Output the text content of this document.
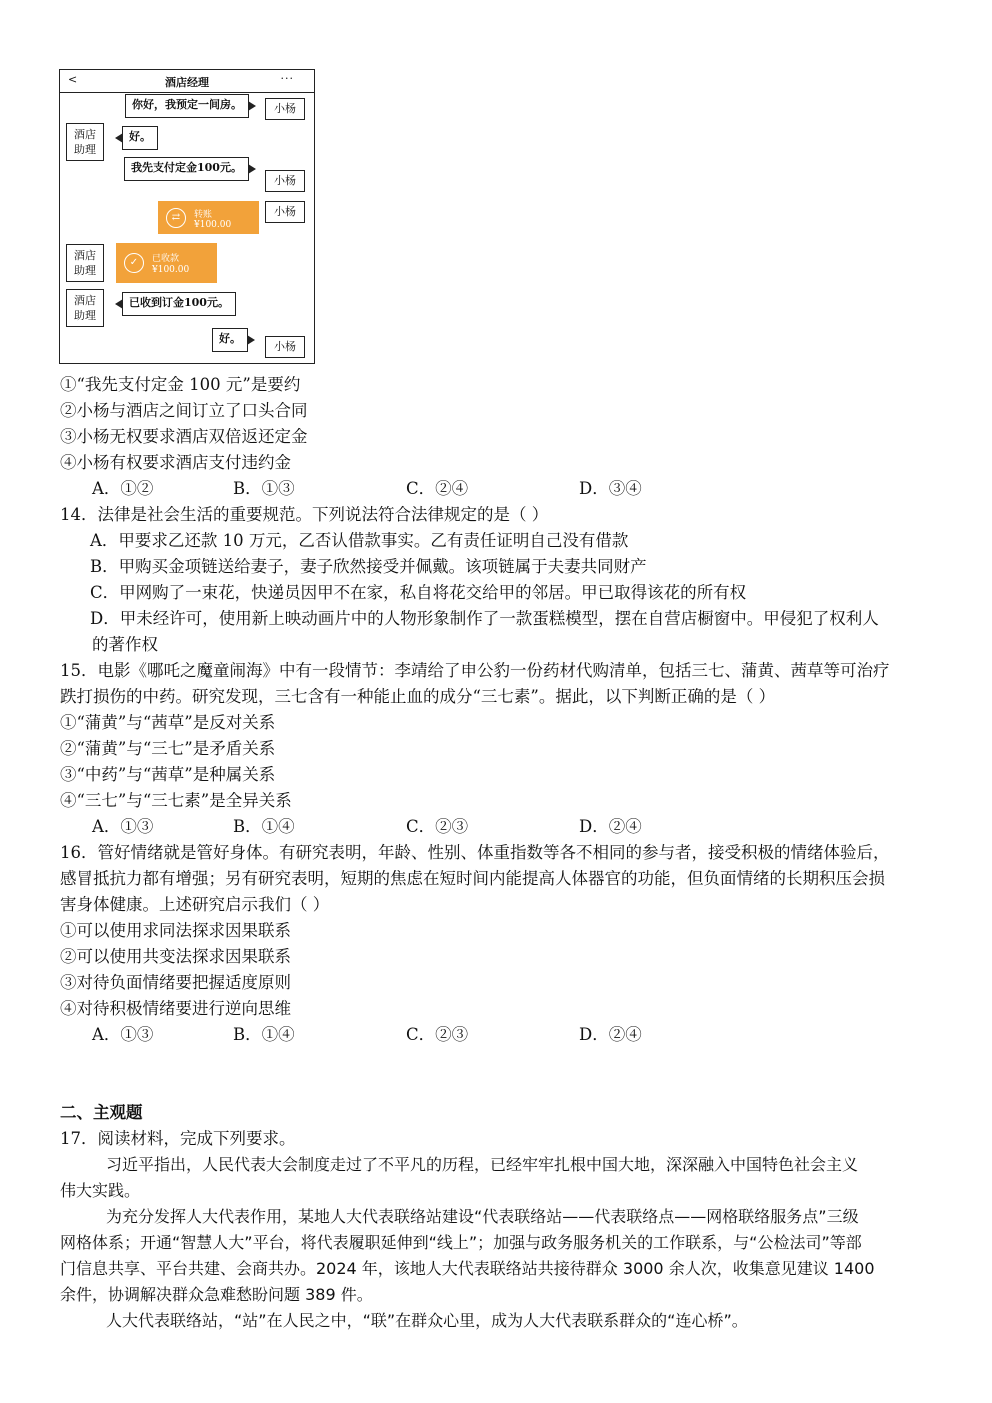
<	酒店经理	···
你好，我预定一间房。	小杨
酒店
助理
好。
我先支付定金100元。
小杨
⇄	转账
¥100.00
小杨
酒店
助理
✓	已收款
¥100.00
酒店
助理
已收到订金100元。
好。
小杨
①“我先支付定金 100 元”是要约
②小杨与酒店之间订立了口头合同
③小杨无权要求酒店双倍返还定金
④小杨有权要求酒店支付违约金
A．①②	B．①③	C．②④	D．③④
14．法律是社会生活的重要规范。下列说法符合法律规定的是（ ）
A．甲要求乙还款 10 万元，乙否认借款事实。乙有责任证明自己没有借款
B．甲购买金项链送给妻子，妻子欣然接受并佩戴。该项链属于夫妻共同财产
C．甲网购了一束花，快递员因甲不在家，私自将花交给甲的邻居。甲已取得该花的所有权
D．甲未经许可，使用新上映动画片中的人物形象制作了一款蛋糕模型，摆在自营店橱窗中。甲侵犯了权利人
的著作权
15．电影《哪吒之魔童闹海》中有一段情节：李靖给了申公豹一份药材代购清单，包括三七、蒲黄、茜草等可治疗
跌打损伤的中药。研究发现，三七含有一种能止血的成分“三七素”。据此，以下判断正确的是（ ）
①“蒲黄”与“茜草”是反对关系
②“蒲黄”与“三七”是矛盾关系
③“中药”与“茜草”是种属关系
④“三七”与“三七素”是全异关系
A．①③	B．①④	C．②③	D．②④
16．管好情绪就是管好身体。有研究表明，年龄、性别、体重指数等各不相同的参与者，接受积极的情绪体验后，
感冒抵抗力都有增强；另有研究表明，短期的焦虑在短时间内能提高人体器官的功能，但负面情绪的长期积压会损
害身体健康。上述研究启示我们（ ）
①可以使用求同法探求因果联系
②可以使用共变法探求因果联系
③对待负面情绪要把握适度原则
④对待积极情绪要进行逆向思维
A．①③	B．①④	C．②③	D．②④
二、主观题
17．阅读材料，完成下列要求。
习近平指出，人民代表大会制度走过了不平凡的历程，已经牢牢扎根中国大地，深深融入中国特色社会主义
伟大实践。
为充分发挥人大代表作用，某地人大代表联络站建设“代表联络站——代表联络点——网格联络服务点”三级
网格体系；开通“智慧人大”平台，将代表履职延伸到“线上”；加强与政务服务机关的工作联系，与“公检法司”等部
门信息共享、平台共建、会商共办。2024 年，该地人大代表联络站共接待群众 3000 余人次，收集意见建议 1400
余件，协调解决群众急难愁盼问题 389 件。
人大代表联络站，“站”在人民之中，“联”在群众心里，成为人大代表联系群众的“连心桥”。
